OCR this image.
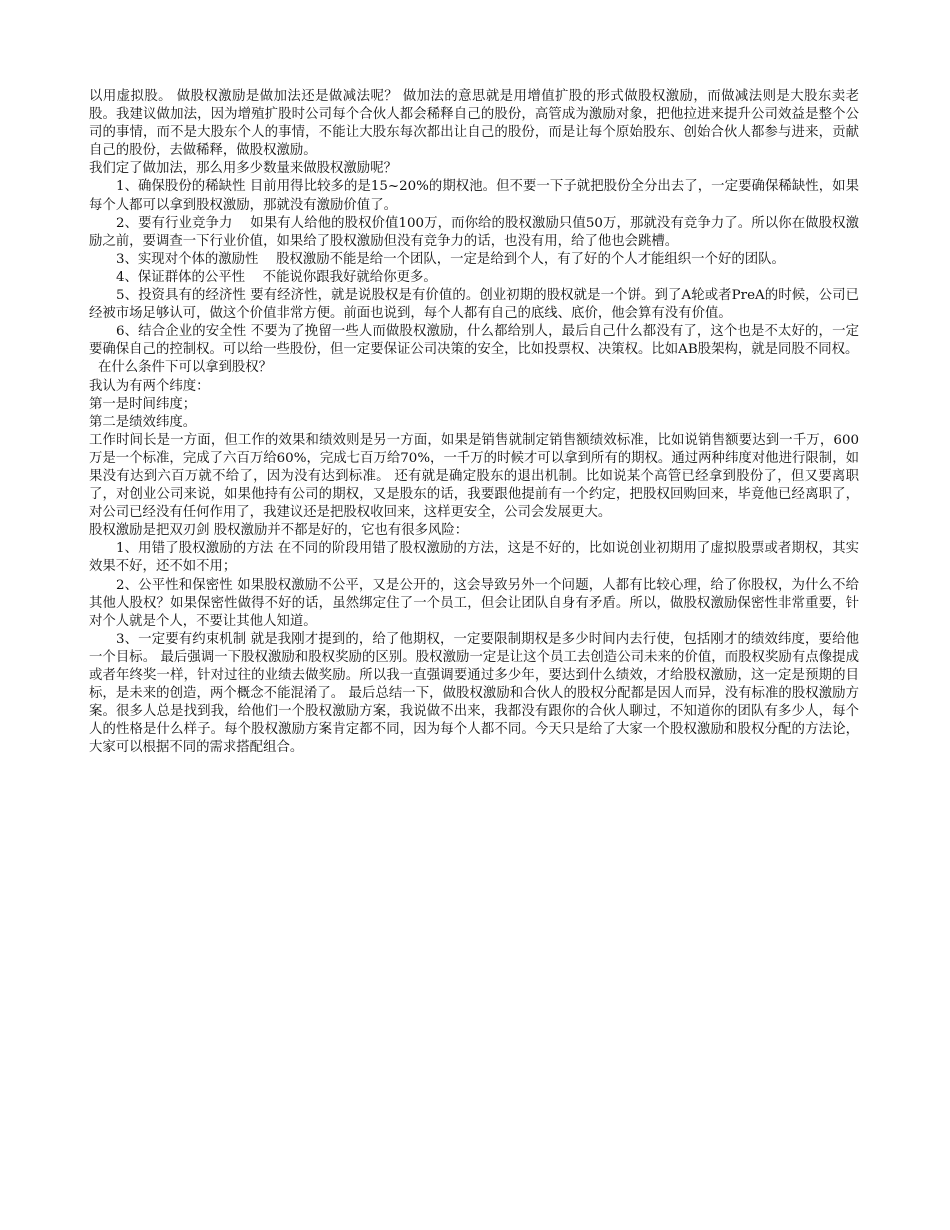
以用虚拟股。 做股权激励是做加法还是做减法呢？ 做加法的意思就是用增值扩股的形式做股权激励，而做减法则是大股东卖老股。我建议做加法，因为增殖扩股时公司每个合伙人都会稀释自己的股份，高管成为激励对象，把他拉进来提升公司效益是整个公司的事情，而不是大股东个人的事情，不能让大股东每次都出让自己的股份，而是让每个原始股东、创始合伙人都参与进来，贡献自己的股份，去做稀释，做股权激励。

我们定了做加法，那么用多少数量来做股权激励呢？

1、确保股份的稀缺性 目前用得比较多的是15~20%的期权池。但不要一下子就把股份全分出去了，一定要确保稀缺性，如果每个人都可以拿到股权激励，那就没有激励价值了。

2、要有行业竞争力　 如果有人给他的股权价值100万，而你给的股权激励只值50万，那就没有竞争力了。所以你在做股权激励之前，要调查一下行业价值，如果给了股权激励但没有竞争力的话，也没有用，给了他也会跳槽。

3、实现对个体的激励性　 股权激励不能是给一个团队，一定是给到个人，有了好的个人才能组织一个好的团队。

4、保证群体的公平性　 不能说你跟我好就给你更多。

5、投资具有的经济性 要有经济性，就是说股权是有价值的。创业初期的股权就是一个饼。到了A轮或者PreA的时候，公司已经被市场足够认可，做这个价值非常方便。前面也说到，每个人都有自己的底线、底价，他会算有没有价值。

6、结合企业的安全性 不要为了挽留一些人而做股权激励，什么都给别人，最后自己什么都没有了，这个也是不太好的，一定要确保自己的控制权。可以给一些股份，但一定要保证公司决策的安全，比如投票权、决策权。比如AB股架构，就是同股不同权。

在什么条件下可以拿到股权？

我认为有两个纬度：

第一是时间纬度；

第二是绩效纬度。

工作时间长是一方面，但工作的效果和绩效则是另一方面，如果是销售就制定销售额绩效标准，比如说销售额要达到一千万，600万是一个标准，完成了六百万给60%，完成七百万给70%，一千万的时候才可以拿到所有的期权。通过两种纬度对他进行限制，如果没有达到六百万就不给了，因为没有达到标准。 还有就是确定股东的退出机制。比如说某个高管已经拿到股份了，但又要离职了，对创业公司来说，如果他持有公司的期权，又是股东的话，我要跟他提前有一个约定，把股权回购回来，毕竟他已经离职了，对公司已经没有任何作用了，我建议还是把股权收回来，这样更安全，公司会发展更大。

股权激励是把双刃剑 股权激励并不都是好的，它也有很多风险：

1、用错了股权激励的方法 在不同的阶段用错了股权激励的方法，这是不好的，比如说创业初期用了虚拟股票或者期权，其实效果不好，还不如不用；

2、公平性和保密性 如果股权激励不公平，又是公开的，这会导致另外一个问题，人都有比较心理，给了你股权，为什么不给其他人股权？如果保密性做得不好的话，虽然绑定住了一个员工，但会让团队自身有矛盾。所以，做股权激励保密性非常重要，针对个人就是个人，不要让其他人知道。

3、一定要有约束机制 就是我刚才提到的，给了他期权，一定要限制期权是多少时间内去行使，包括刚才的绩效纬度，要给他一个目标。 最后强调一下股权激励和股权奖励的区别。股权激励一定是让这个员工去创造公司未来的价值，而股权奖励有点像提成或者年终奖一样，针对过往的业绩去做奖励。所以我一直强调要通过多少年，要达到什么绩效，才给股权激励，这一定是预期的目标，是未来的创造，两个概念不能混淆了。 最后总结一下，做股权激励和合伙人的股权分配都是因人而异，没有标准的股权激励方案。很多人总是找到我，给他们一个股权激励方案，我说做不出来，我都没有跟你的合伙人聊过，不知道你的团队有多少人，每个人的性格是什么样子。每个股权激励方案肯定都不同，因为每个人都不同。今天只是给了大家一个股权激励和股权分配的方法论，大家可以根据不同的需求搭配组合。
